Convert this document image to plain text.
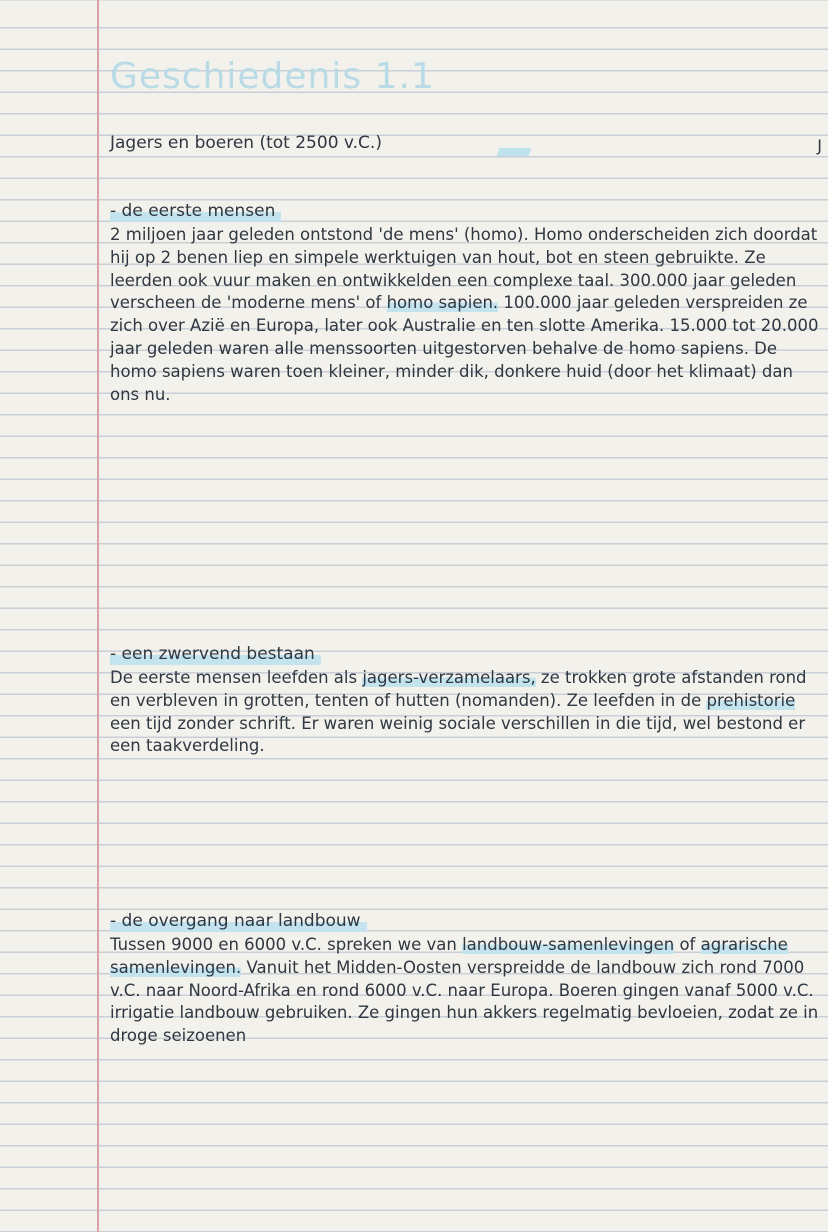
Geschiedenis 1.1
Jagers en boeren (tot 2500 v.C.)	J
- de eerste mensen
2 miljoen jaar geleden ontstond 'de mens' (homo). Homo onderscheiden zich doordat hij op 2 benen liep en simpele werktuigen van hout, bot en steen gebruikte. Ze leerden ook vuur maken en ontwikkelden een complexe taal. 300.000 jaar geleden verscheen de 'moderne mens' of homo sapien. 100.000 jaar geleden verspreiden ze zich over Azië en Europa, later ook Australie en ten slotte Amerika. 15.000 tot 20.000 jaar geleden waren alle menssoorten uitgestorven behalve de homo sapiens. De homo sapiens waren toen kleiner, minder dik, donkere huid (door het klimaat) dan ons nu.
- een zwervend bestaan
De eerste mensen leefden als jagers-verzamelaars, ze trokken grote afstanden rond en verbleven in grotten, tenten of hutten (nomanden). Ze leefden in de prehistorie een tijd zonder schrift. Er waren weinig sociale verschillen in die tijd, wel bestond er een taakverdeling.
- de overgang naar landbouw
Tussen 9000 en 6000 v.C. spreken we van landbouw-samenlevingen of agrarische samenlevingen. Vanuit het Midden-Oosten verspreidde de landbouw zich rond 7000 v.C. naar Noord-Afrika en rond 6000 v.C. naar Europa. Boeren gingen vanaf 5000 v.C. irrigatie landbouw gebruiken. Ze gingen hun akkers regelmatig bevloeien, zodat ze in droge seizoenen
